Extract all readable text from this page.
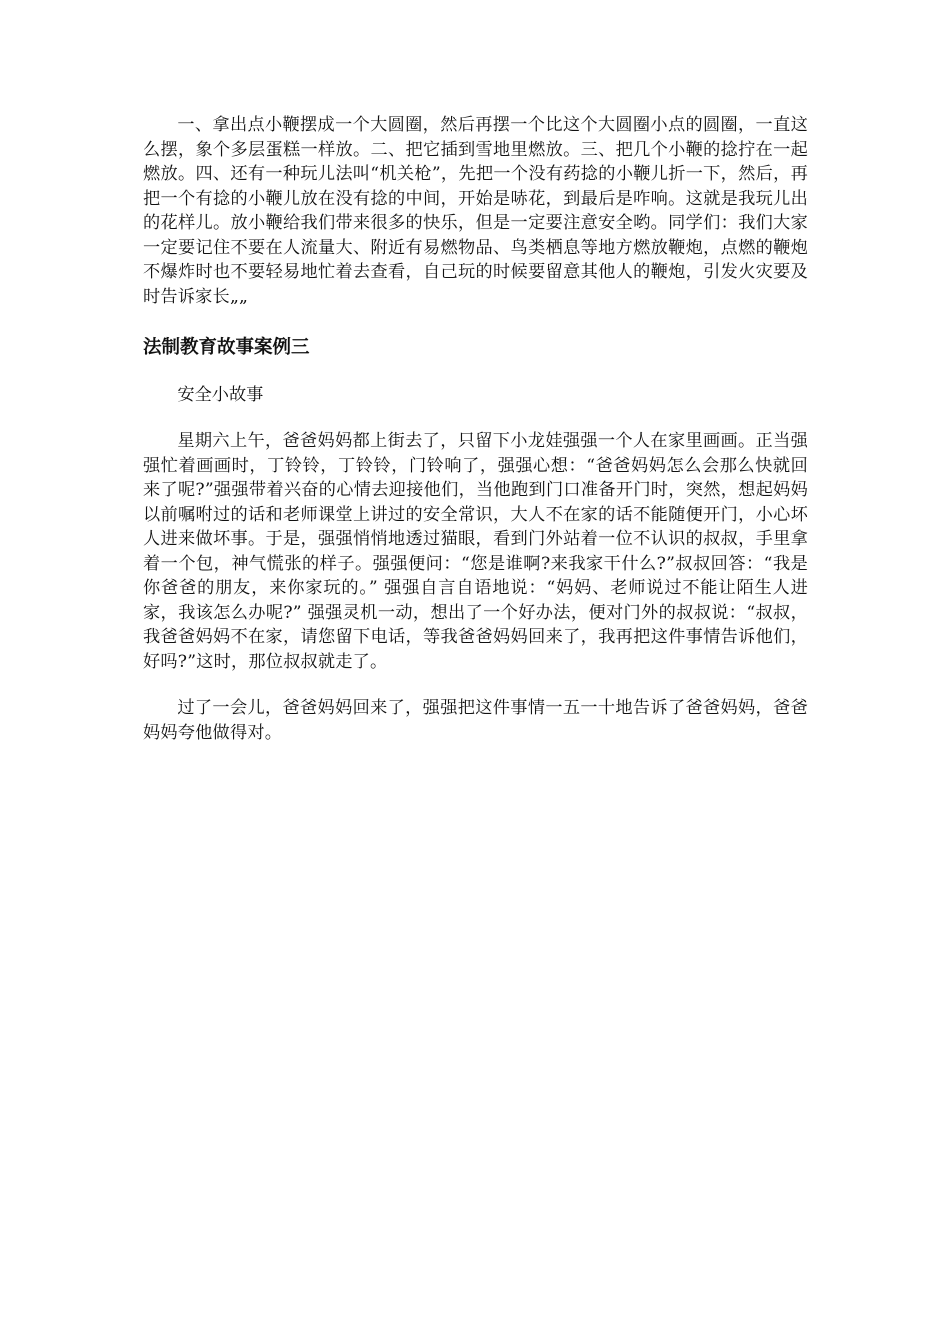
一、拿出点小鞭摆成一个大圆圈，然后再摆一个比这个大圆圈小点的圆圈，一直这么摆，象个多层蛋糕一样放。二、把它插到雪地里燃放。三、把几个小鞭的捻拧在一起燃放。四、还有一种玩儿法叫“机关枪”，先把一个没有药捻的小鞭儿折一下，然后，再把一个有捻的小鞭儿放在没有捻的中间，开始是哧花，到最后是咋响。这就是我玩儿出的花样儿。放小鞭给我们带来很多的快乐，但是一定要注意安全哟。同学们：我们大家一定要记住不要在人流量大、附近有易燃物品、鸟类栖息等地方燃放鞭炮，点燃的鞭炮不爆炸时也不要轻易地忙着去查看，自己玩的时候要留意其他人的鞭炮，引发火灾要及时告诉家长„„

法制教育故事案例三

安全小故事

星期六上午，爸爸妈妈都上街去了，只留下小龙娃强强一个人在家里画画。正当强强忙着画画时，丁铃铃，丁铃铃，门铃响了，强强心想：“爸爸妈妈怎么会那么快就回来了呢?”强强带着兴奋的心情去迎接他们，当他跑到门口准备开门时，突然，想起妈妈以前嘱咐过的话和老师课堂上讲过的安全常识，大人不在家的话不能随便开门，小心坏人进来做坏事。于是，强强悄悄地透过猫眼，看到门外站着一位不认识的叔叔，手里拿着一个包，神气慌张的样子。强强便问：“您是谁啊?来我家干什么?”叔叔回答：“我是你爸爸的朋友，来你家玩的。” 强强自言自语地说：“妈妈、老师说过不能让陌生人进家，我该怎么办呢?” 强强灵机一动，想出了一个好办法，便对门外的叔叔说：“叔叔，我爸爸妈妈不在家，请您留下电话，等我爸爸妈妈回来了，我再把这件事情告诉他们，好吗?”这时，那位叔叔就走了。

过了一会儿，爸爸妈妈回来了，强强把这件事情一五一十地告诉了爸爸妈妈，爸爸妈妈夸他做得对。
